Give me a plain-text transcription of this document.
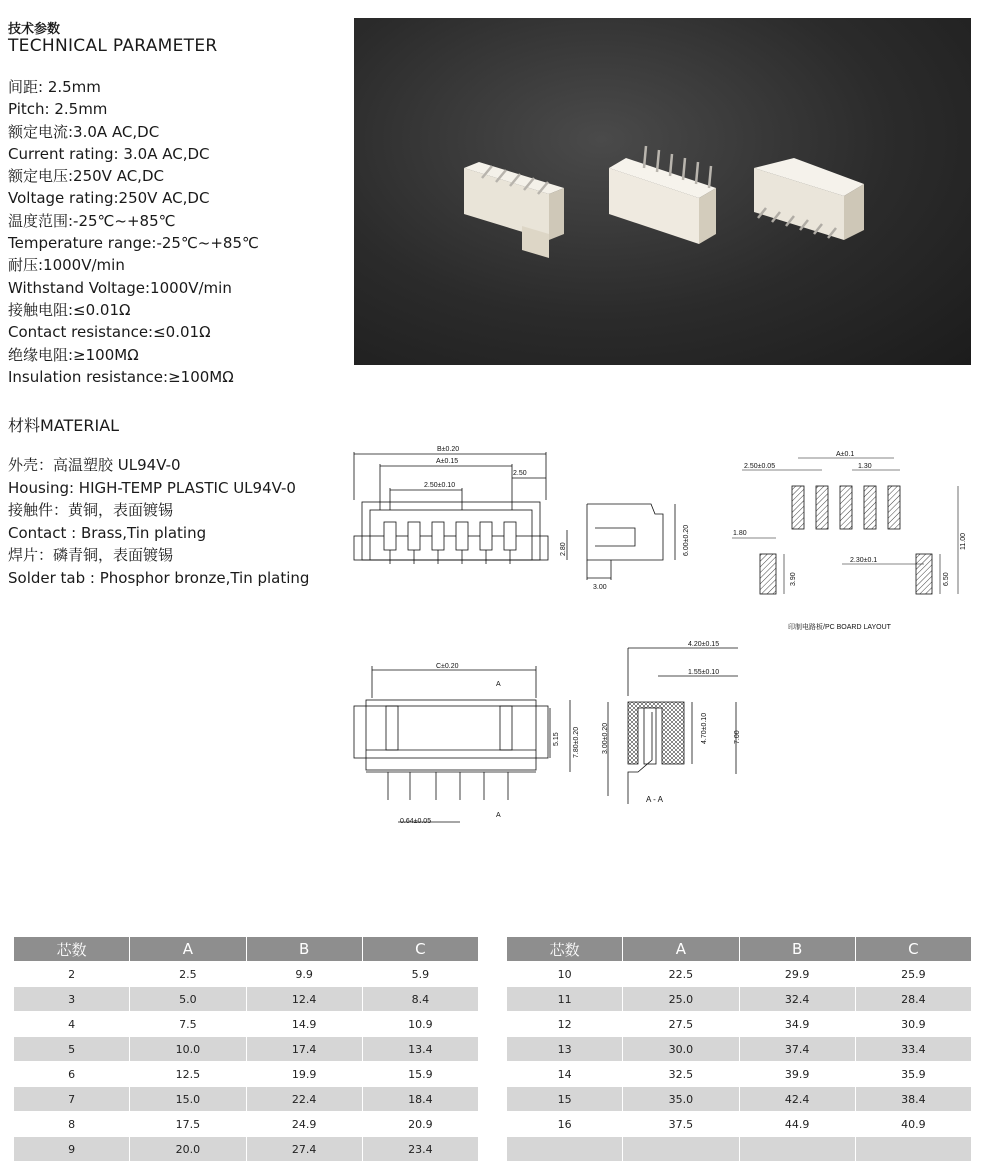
技术参数
TECHNICAL PARAMETER
间距: 2.5mm
Pitch: 2.5mm
额定电流:3.0A AC,DC
Current rating: 3.0A AC,DC
额定电压:250V AC,DC
Voltage rating:250V AC,DC
温度范围:-25℃~+85℃
Temperature range:-25℃~+85℃
耐压:1000V/min
Withstand Voltage:1000V/min
接触电阻:≤0.01Ω
Contact resistance:≤0.01Ω
绝缘电阻:≥100MΩ
Insulation resistance:≥100MΩ
材料MATERIAL
外壳：高温塑胶 UL94V-0
Housing: HIGH-TEMP PLASTIC UL94V-0
接触件：黄铜，表面镀锡
Contact : Brass,Tin plating
焊片：磷青铜，表面镀锡
Solder tab : Phosphor bronze,Tin plating
B±0.20
A±0.15
2.50
2.50±0.10
2.80	6.00±0.20
3.00
A±0.1
2.50±0.05	1.30
1.80
3.90
2.30±0.1
6.50
11.00
印制电路板/PC BOARD LAYOUT
C±0.20
A
A
5.15 7.80±0.20
0.64±0.05
4.20±0.15
1.55±0.10
3.00±0.20	4.70±0.10	7.00
A - A
芯数	A	B	C
2	2.5	9.9	5.9
3	5.0	12.4	8.4
4	7.5	14.9	10.9
5	10.0	17.4	13.4
6	12.5	19.9	15.9
7	15.0	22.4	18.4
8	17.5	24.9	20.9
9	20.0	27.4	23.4
芯数	A	B	C
10	22.5	29.9	25.9
11	25.0	32.4	28.4
12	27.5	34.9	30.9
13	30.0	37.4	33.4
14	32.5	39.9	35.9
15	35.0	42.4	38.4
16	37.5	44.9	40.9
